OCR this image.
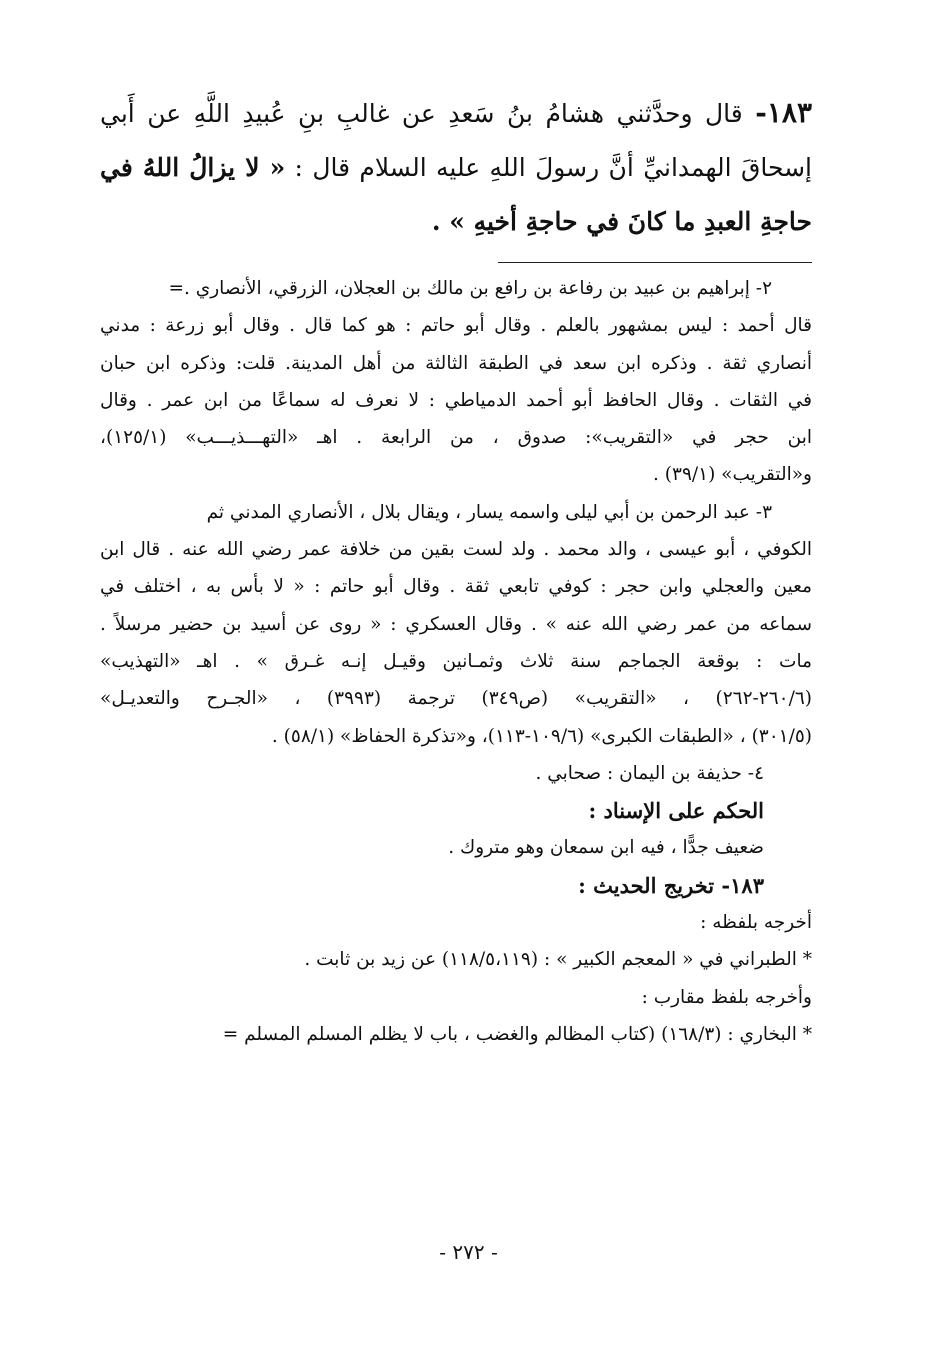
١٨٣- قال وحدَّثني هشامُ بنُ سَعدِ عن غالبِ بنِ عُبيدِ اللَّهِ عن أَبي إسحاقَ الهمدانيِّ أنَّ رسولَ اللهِ عليه السلام قال : « لا يزالُ اللهُ في حاجةِ العبدِ ما كانَ في حاجةِ أخيهِ » .

٢- إبراهيم بن عبيد بن رفاعة بن رافع بن مالك بن العجلان، الزرقي، الأنصاري .=

قال أحمد : ليس بمشهور بالعلم . وقال أبو حاتم : هو كما قال . وقال أبو زرعة : مدني

أنصاري ثقة . وذكره ابن سعد في الطبقة الثالثة من أهل المدينة. قلت: وذكره ابن حبان

في الثقات . وقال الحافظ أبو أحمد الدمياطي : لا نعرف له سماعًا من ابن عمر . وقال

ابن حجر في «التقريب»: صدوق ، من الرابعة . اهـ «التهـــذيـــب» (١٢٥/١)،

و«التقريب» (٣٩/١) .

٣- عبد الرحمن بن أبي ليلى واسمه يسار ، ويقال بلال ، الأنصاري المدني ثم

الكوفي ، أبو عيسى ، والد محمد . ولد لست بقين من خلافة عمر رضي الله عنه . قال ابن

معين والعجلي وابن حجر : كوفي تابعي ثقة . وقال أبو حاتم : « لا بأس به ، اختلف في

سماعه من عمر رضي الله عنه » . وقال العسكري : « روى عن أسيد بن حضير مرسلاً .

مات : بوقعة الجماجم سنة ثلاث وثمـانين وقيـل إنـه غـرق » . اهـ «التهذيب»

(٢٦٠/٦-٢٦٢) ، «التقريب» (ص٣٤٩) ترجمة (٣٩٩٣) ، «الجـرح والتعديـل»

(٣٠١/٥) ، «الطبقات الكبرى» (١٠٩/٦-١١٣)، و«تذكرة الحفاظ» (٥٨/١) .

٤- حذيفة بن اليمان : صحابي .

الحكم على الإسناد :

ضعيف جدًّا ، فيه ابن سمعان وهو متروك .

١٨٣- تخريج الحديث :

أخرجه بلفظه :

* الطبراني في « المعجم الكبير » : (١١٨/٥،١١٩) عن زيد بن ثابت .

وأخرجه بلفظ مقارب :

* البخاري : (١٦٨/٣) (كتاب المظالم والغضب ، باب لا يظلم المسلم المسلم =

- ٢٧٢ -
